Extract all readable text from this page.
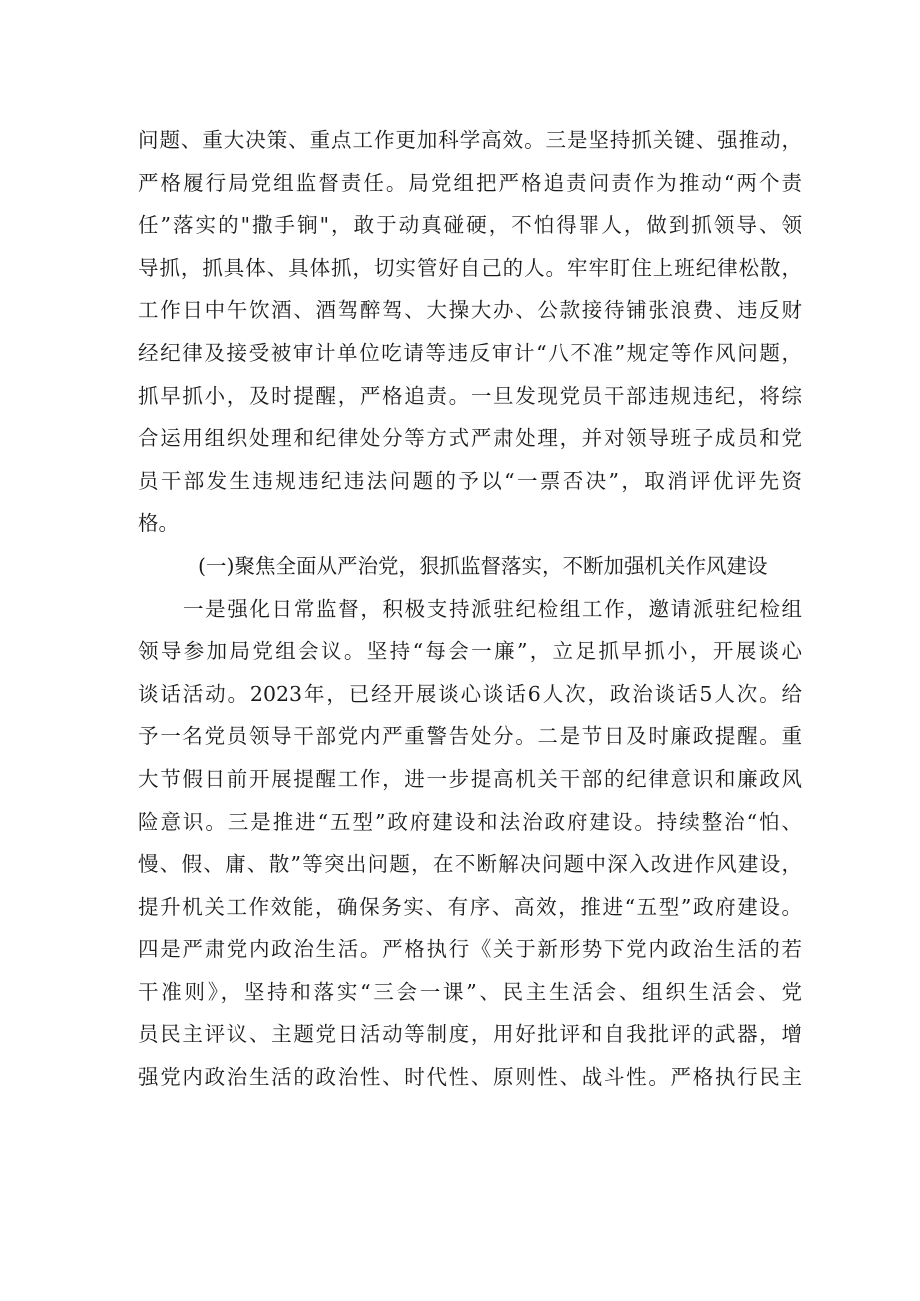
问题、重大决策、重点工作更加科学高效。三是坚持抓关键、强推动，
严格履行局党组监督责任。局党组把严格追责问责作为推动“两个责
任”落实的"撒手锏"，敢于动真碰硬，不怕得罪人，做到抓领导、领
导抓，抓具体、具体抓，切实管好自己的人。牢牢盯住上班纪律松散，
工作日中午饮酒、酒驾醉驾、大操大办、公款接待铺张浪费、违反财
经纪律及接受被审计单位吃请等违反审计“八不准”规定等作风问题，
抓早抓小，及时提醒，严格追责。一旦发现党员干部违规违纪，将综
合运用组织处理和纪律处分等方式严肃处理，并对领导班子成员和党
员干部发生违规违纪违法问题的予以“一票否决”，取消评优评先资
格。
(一)聚焦全面从严治党，狠抓监督落实，不断加强机关作风建设
一是强化日常监督，积极支持派驻纪检组工作，邀请派驻纪检组
领导参加局党组会议。坚持“每会一廉”，立足抓早抓小，开展谈心
谈话活动。2023年，已经开展谈心谈话6人次，政治谈话5人次。给
予一名党员领导干部党内严重警告处分。二是节日及时廉政提醒。重
大节假日前开展提醒工作，进一步提高机关干部的纪律意识和廉政风
险意识。三是推进“五型”政府建设和法治政府建设。持续整治“怕、
慢、假、庸、散”等突出问题，在不断解决问题中深入改进作风建设，
提升机关工作效能，确保务实、有序、高效，推进“五型”政府建设。
四是严肃党内政治生活。严格执行《关于新形势下党内政治生活的若
干准则》，坚持和落实“三会一课”、民主生活会、组织生活会、党
员民主评议、主题党日活动等制度，用好批评和自我批评的武器，增
强党内政治生活的政治性、时代性、原则性、战斗性。严格执行民主
